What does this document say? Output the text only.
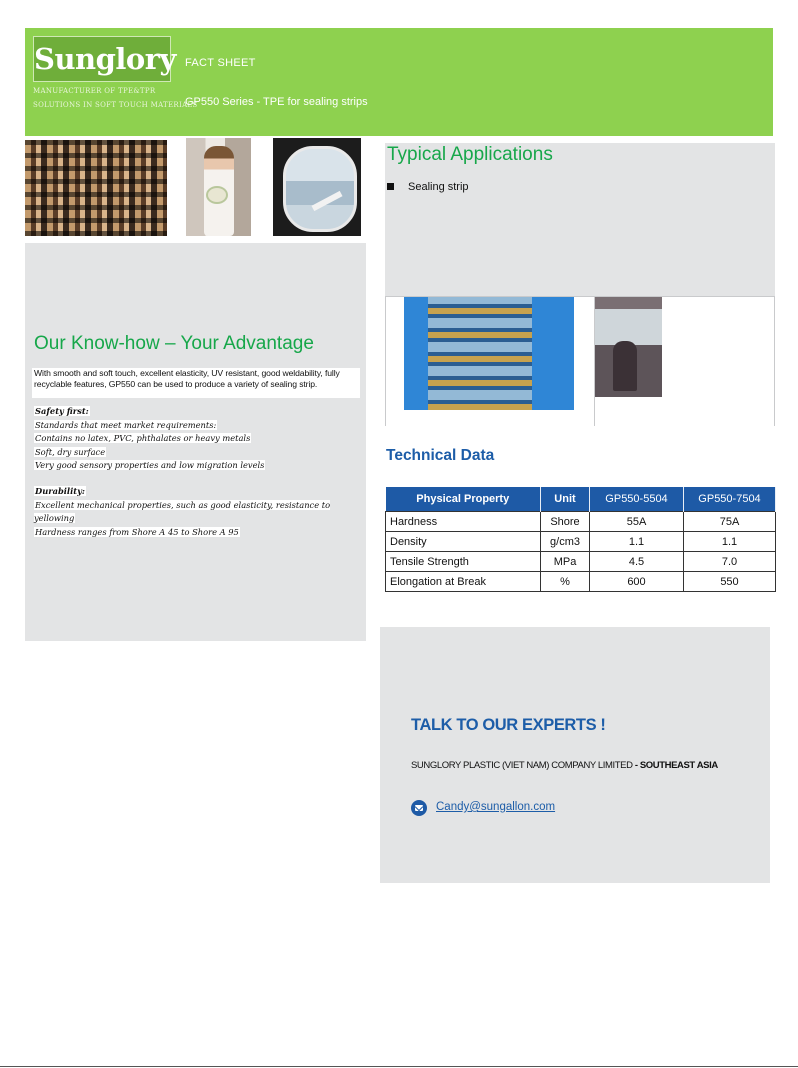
Sunglory
MANUFACTURER OF TPE&TPR
SOLUTIONS IN SOFT TOUCH MATERIALS
FACT SHEET
GP550 Series - TPE for sealing strips
Typical Applications
Sealing strip
Our Know-how – Your Advantage
With smooth and soft touch, excellent elasticity, UV resistant, good weldability, fully recyclable features, GP550 can be used to produce a variety of sealing strip.
Safety first:
Standards that meet market requirements:
Contains no latex, PVC, phthalates or heavy metals
Soft, dry surface
Very good sensory properties and low migration levels
Durability:
Excellent mechanical properties, such as good elasticity, resistance to yellowing
Hardness ranges from Shore A 45 to Shore A 95
Technical Data
Physical Property	Unit	GP550-5504	GP550-7504
Hardness	Shore	55A	75A
Density	g/cm3	1.1	1.1
Tensile Strength	MPa	4.5	7.0
Elongation at Break	%	600	550
TALK TO OUR EXPERTS !
SUNGLORY PLASTIC (VIET NAM) COMPANY LIMITED - SOUTHEAST ASIA
Candy@sungallon.com
